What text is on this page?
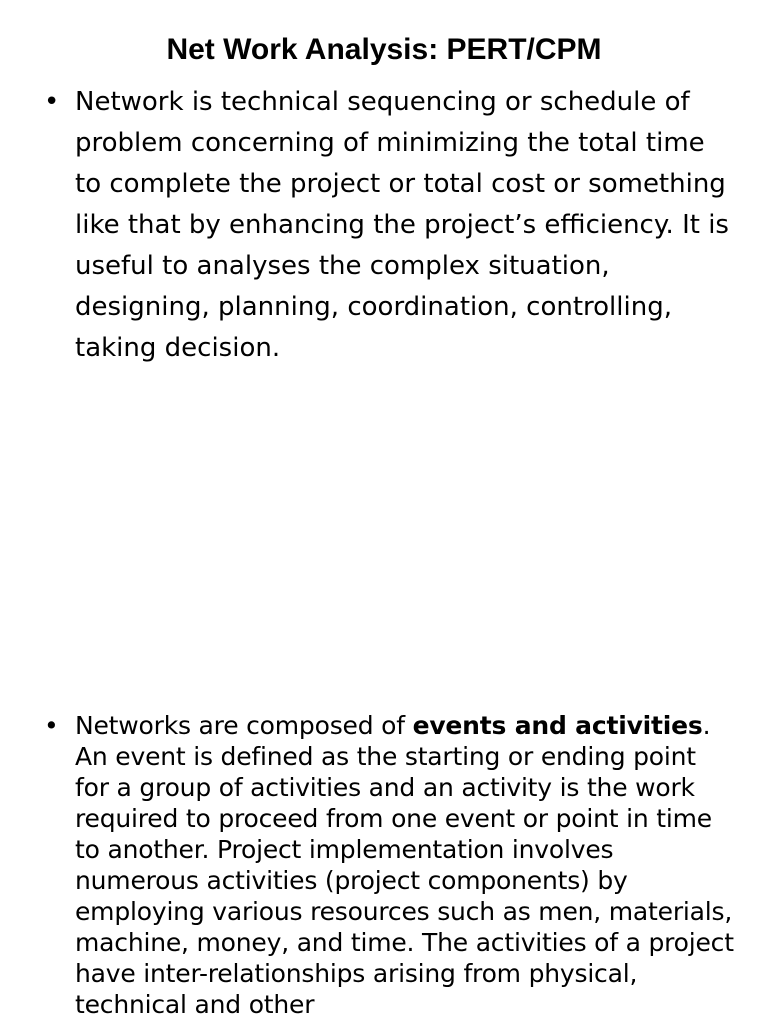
Net Work Analysis: PERT/CPM
• Network is technical sequencing or schedule of problem concerning of minimizing the total time to complete the project or total cost or something like that by enhancing the project’s efficiency. It is useful to analyses the complex situation, designing, planning, coordination, controlling, taking decision.
• Networks are composed of events and activities. An event is defined as the starting or ending point for a group of activities and an activity is the work required to proceed from one event or point in time to another. Project implementation involves numerous activities (project components) by employing various resources such as men, materials, machine, money, and time. The activities of a project have inter-relationships arising from physical, technical and other
